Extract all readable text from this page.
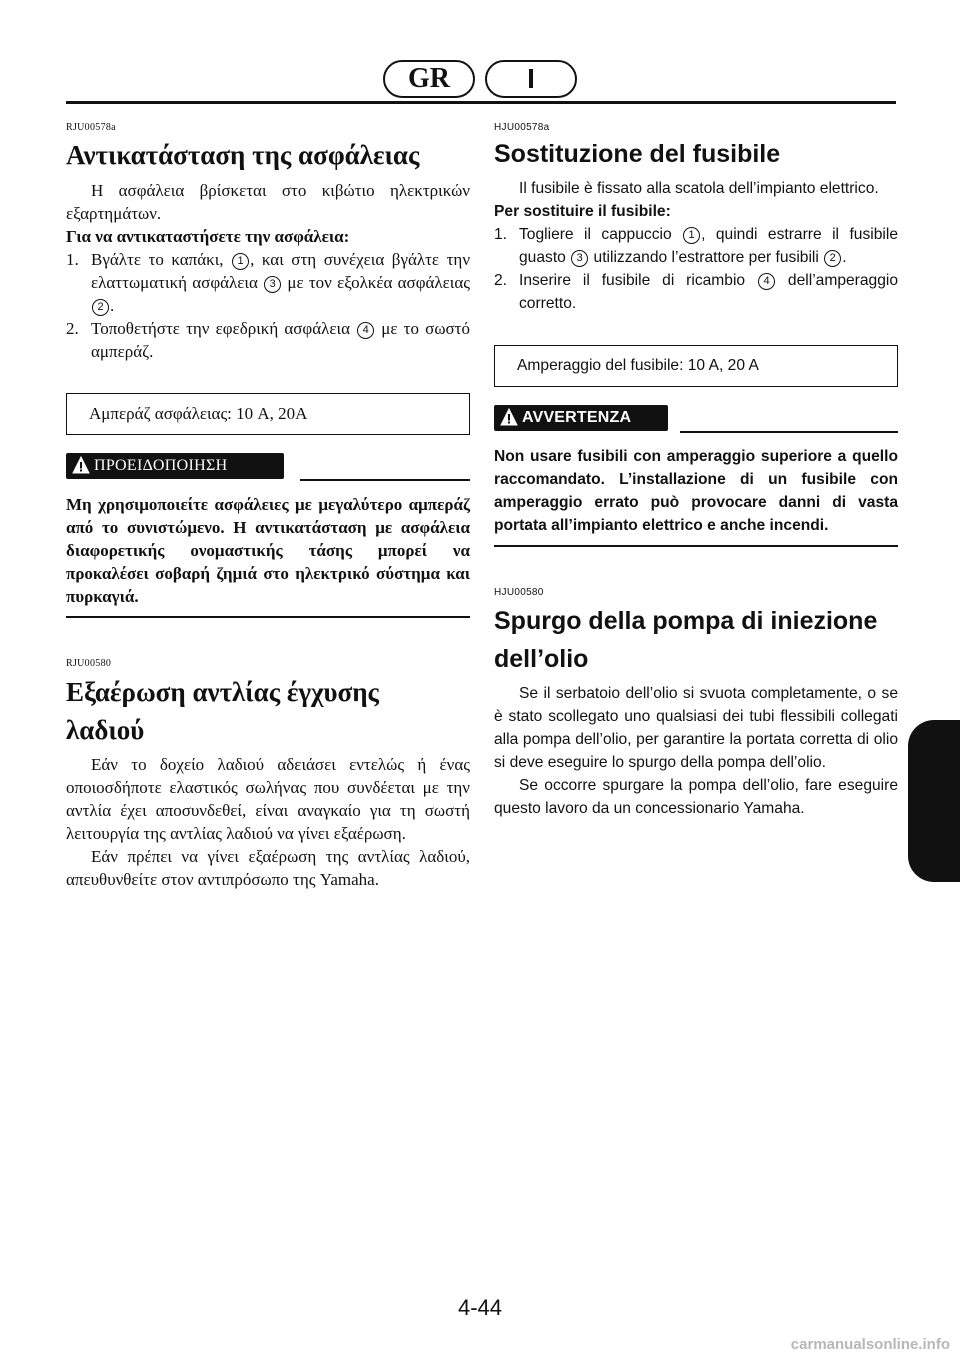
GR	I
RJU00578a
Αντικατάσταση της ασφάλειας

Η ασφάλεια βρίσκεται στο κιβώτιο ηλεκτρικών εξαρτημάτων.

Για να αντικαταστήσετε την ασφάλεια:
1. Βγάλτε το καπάκι, 1 , και στη συνέχεια βγάλτε την ελαττωματική ασφάλεια 3 με τον εξολκέα ασφάλειας 2 .
2. Τοποθετήστε την εφεδρική ασφάλεια 4 με το σωστό αμπεράζ.
Αμπεράζ ασφάλειας: 10 A, 20A
ΠΡΟΕΙΔΟΠΟΙΗΣΗ
Μη χρησιμοποιείτε ασφάλειες με μεγαλύτερο αμπεράζ από το συνιστώμενο. Η αντικατάσταση με ασφάλεια διαφορετικής ονομαστικής τάσης μπορεί να προκαλέσει σοβαρή ζημιά στο ηλεκτρικό σύστημα και πυρκαγιά.
RJU00580
Εξαέρωση αντλίας έγχυσης
λαδιού

Εάν το δοχείο λαδιού αδειάσει εντελώς ή ένας οποιοσδήποτε ελαστικός σωλήνας που συνδέεται με την αντλία έχει αποσυνδεθεί, είναι αναγκαίο για τη σωστή λειτουργία της αντλίας λαδιού να γίνει εξαέρωση.

Εάν πρέπει να γίνει εξαέρωση της αντλίας λαδιού, απευθυνθείτε στον αντιπρόσωπο της Yamaha.

HJU00578a
Sostituzione del fusibile

Il fusibile è fissato alla scatola dell’impianto elettrico.

Per sostituire il fusibile:
1. Togliere il cappuccio 1 , quindi estrarre il fusibile guasto 3 utilizzando l’estrattore per fusibili 2 .
2. Inserire il fusibile di ricambio 4 dell’amperaggio corretto.
Amperaggio del fusibile: 10 A, 20 A
AVVERTENZA
Non usare fusibili con amperaggio superiore a quello raccomandato. L’installazione di un fusibile con amperaggio errato può provocare danni di vasta portata all’impianto elettrico e anche incendi.
HJU00580
Spurgo della pompa di iniezione
dell’olio

Se il serbatoio dell’olio si svuota completamente, o se è stato scollegato uno qualsiasi dei tubi flessibili collegati alla pompa dell’olio, per garantire la portata corretta di olio si deve eseguire lo spurgo della pompa dell’olio.

Se occorre spurgare la pompa dell’olio, fare eseguire questo lavoro da un concessionario Yamaha.

4-44
carmanualsonline.info
